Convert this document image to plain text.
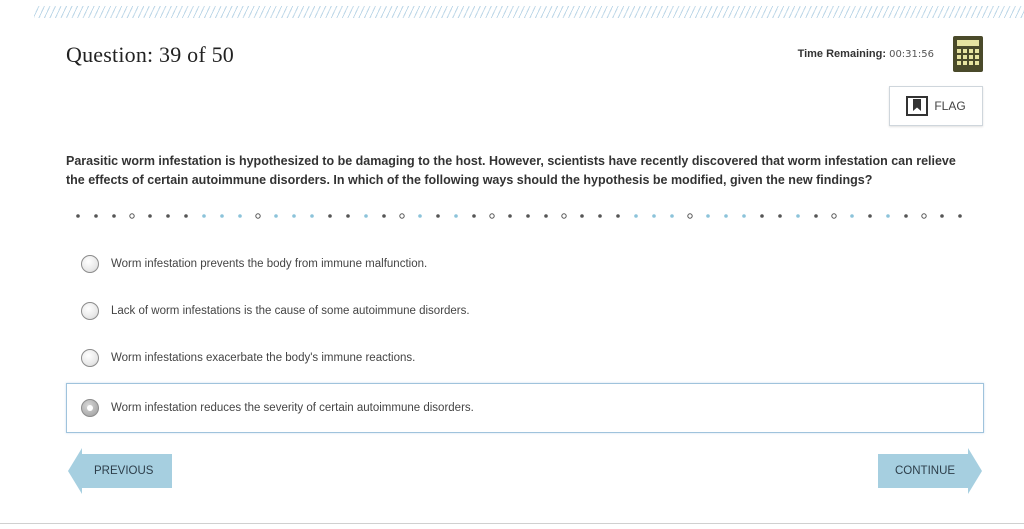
Question: 39 of 50	Time Remaining: 00:31:56
FLAG
Parasitic worm infestation is hypothesized to be damaging to the host. However, scientists have recently discovered that worm infestation can relieve the effects of certain autoimmune disorders. In which of the following ways should the hypothesis be modified, given the new findings?
Worm infestation prevents the body from immune malfunction.
Lack of worm infestations is the cause of some autoimmune disorders.
Worm infestations exacerbate the body's immune reactions.
Worm infestation reduces the severity of certain autoimmune disorders.
PREVIOUS	CONTINUE
